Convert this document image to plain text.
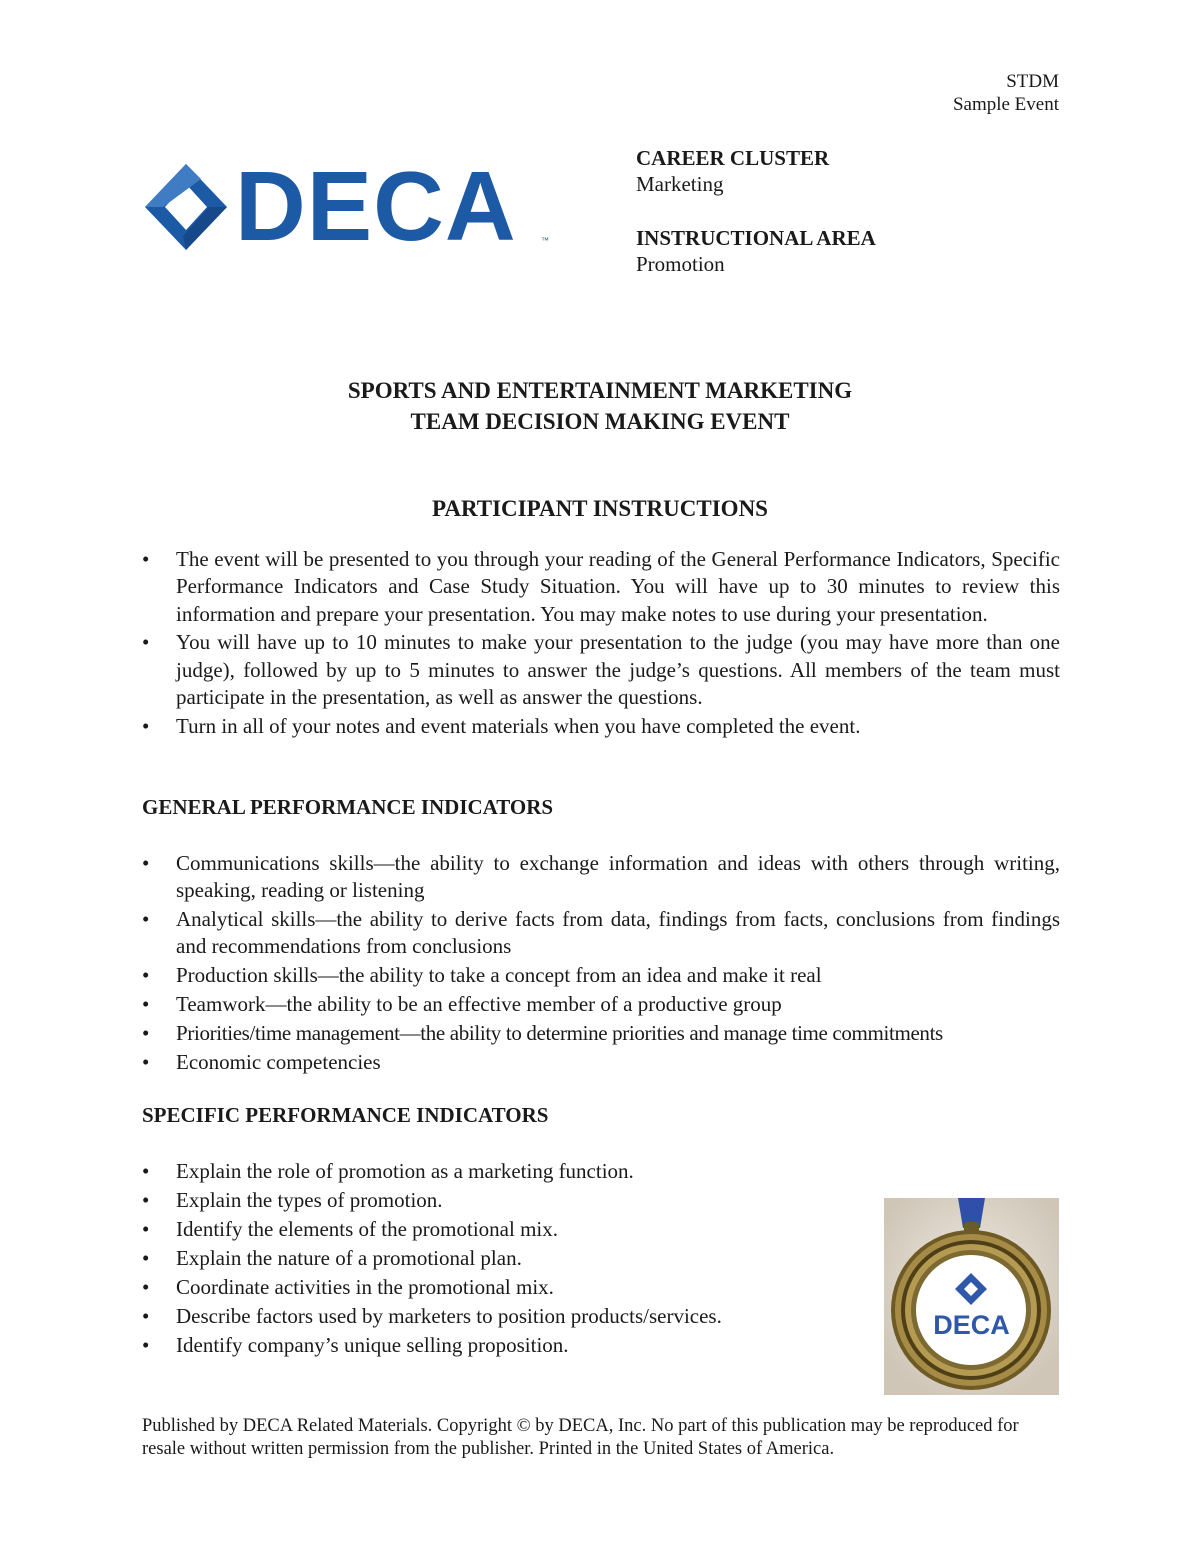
STDM
Sample Event
DECA	™
CAREER CLUSTER
Marketing
INSTRUCTIONAL AREA
Promotion
SPORTS AND ENTERTAINMENT MARKETING
TEAM DECISION MAKING EVENT
PARTICIPANT INSTRUCTIONS
• The event will be presented to you through your reading of the General Performance Indicators, Specific Performance Indicators and Case Study Situation. You will have up to 30 minutes to review this information and prepare your presentation. You may make notes to use during your presentation.
• You will have up to 10 minutes to make your presentation to the judge (you may have more than one judge), followed by up to 5 minutes to answer the judge’s questions. All members of the team must participate in the presentation, as well as answer the questions.
• Turn in all of your notes and event materials when you have completed the event.
GENERAL PERFORMANCE INDICATORS
• Communications skills—the ability to exchange information and ideas with others through writing, speaking, reading or listening
• Analytical skills—the ability to derive facts from data, findings from facts, conclusions from findings and recommendations from conclusions
• Production skills—the ability to take a concept from an idea and make it real
• Teamwork—the ability to be an effective member of a productive group
• Priorities/time management—the ability to determine priorities and manage time commitments
• Economic competencies
SPECIFIC PERFORMANCE INDICATORS
• Explain the role of promotion as a marketing function.
• Explain the types of promotion.
• Identify the elements of the promotional mix.
• Explain the nature of a promotional plan.
• Coordinate activities in the promotional mix.
• Describe factors used by marketers to position products/services.
• Identify company’s unique selling proposition.
DECA
Published by DECA Related Materials. Copyright © by DECA, Inc. No part of this publication may be reproduced for resale without written permission from the publisher. Printed in the United States of America.
